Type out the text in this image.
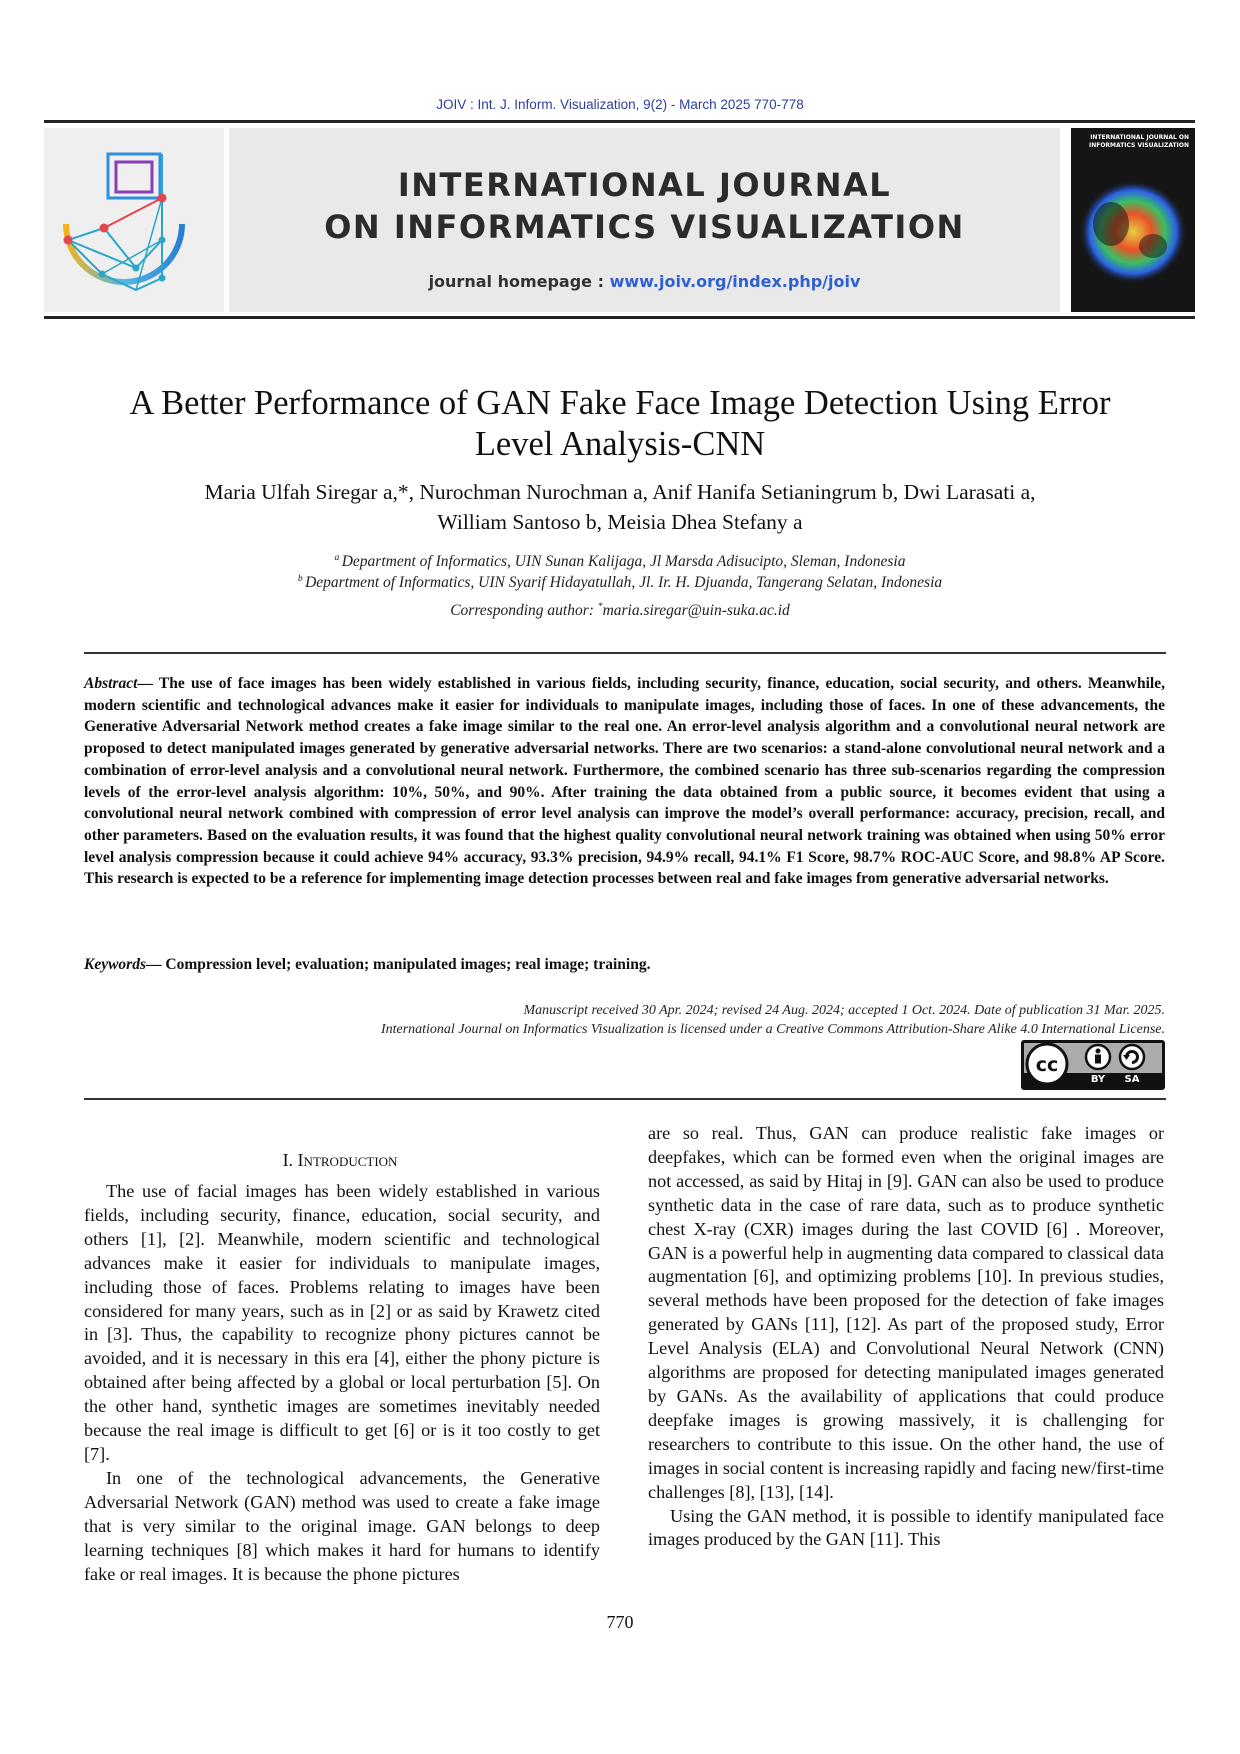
JOIV : Int. J. Inform. Visualization, 9(2) - March 2025 770-778
INTERNATIONAL JOURNAL
ON INFORMATICS VISUALIZATION
journal homepage : www.joiv.org/index.php/joiv
INTERNATIONAL JOURNAL ON INFORMATICS VISUALIZATION
A Better Performance of GAN Fake Face Image Detection Using Error
Level Analysis-CNN
Maria Ulfah Siregar a,*, Nurochman Nurochman a, Anif Hanifa Setianingrum b, Dwi Larasati a,
William Santoso b, Meisia Dhea Stefany a
$^a$ Department of Informatics, UIN Sunan Kalijaga, Jl Marsda Adisucipto, Sleman, Indonesia
$^b$ Department of Informatics, UIN Syarif Hidayatullah, Jl. Ir. H. Djuanda, Tangerang Selatan, Indonesia
Corresponding author: *maria.siregar@uin-suka.ac.id
Abstract— The use of face images has been widely established in various fields, including security, finance, education, social security, and others. Meanwhile, modern scientific and technological advances make it easier for individuals to manipulate images, including those of faces. In one of these advancements, the Generative Adversarial Network method creates a fake image similar to the real one. An error-level analysis algorithm and a convolutional neural network are proposed to detect manipulated images generated by generative adversarial networks. There are two scenarios: a stand-alone convolutional neural network and a combination of error-level analysis and a convolutional neural network. Furthermore, the combined scenario has three sub-scenarios regarding the compression levels of the error-level analysis algorithm: 10%, 50%, and 90%. After training the data obtained from a public source, it becomes evident that using a convolutional neural network combined with compression of error level analysis can improve the model’s overall performance: accuracy, precision, recall, and other parameters. Based on the evaluation results, it was found that the highest quality convolutional neural network training was obtained when using 50% error level analysis compression because it could achieve 94% accuracy, 93.3% precision, 94.9% recall, 94.1% F1 Score, 98.7% ROC-AUC Score, and 98.8% AP Score. This research is expected to be a reference for implementing image detection processes between real and fake images from generative adversarial networks.
Keywords— Compression level; evaluation; manipulated images; real image; training.
Manuscript received 30 Apr. 2024; revised 24 Aug. 2024; accepted 1 Oct. 2024. Date of publication 31 Mar. 2025.
International Journal on Informatics Visualization is licensed under a Creative Commons Attribution-Share Alike 4.0 International License.
cc
BY	SA
I. Introduction

The use of facial images has been widely established in various fields, including security, finance, education, social security, and others [1], [2]. Meanwhile, modern scientific and technological advances make it easier for individuals to manipulate images, including those of faces. Problems relating to images have been considered for many years, such as in [2] or as said by Krawetz cited in [3]. Thus, the capability to recognize phony pictures cannot be avoided, and it is necessary in this era [4], either the phony picture is obtained after being affected by a global or local perturbation [5]. On the other hand, synthetic images are sometimes inevitably needed because the real image is difficult to get [6] or is it too costly to get [7].

In one of the technological advancements, the Generative Adversarial Network (GAN) method was used to create a fake image that is very similar to the original image. GAN belongs to deep learning techniques [8] which makes it hard for humans to identify fake or real images. It is because the phone pictures

are so real. Thus, GAN can produce realistic fake images or deepfakes, which can be formed even when the original images are not accessed, as said by Hitaj in [9]. GAN can also be used to produce synthetic data in the case of rare data, such as to produce synthetic chest X-ray (CXR) images during the last COVID [6] . Moreover, GAN is a powerful help in augmenting data compared to classical data augmentation [6], and optimizing problems [10]. In previous studies, several methods have been proposed for the detection of fake images generated by GANs [11], [12]. As part of the proposed study, Error Level Analysis (ELA) and Convolutional Neural Network (CNN) algorithms are proposed for detecting manipulated images generated by GANs. As the availability of applications that could produce deepfake images is growing massively, it is challenging for researchers to contribute to this issue. On the other hand, the use of images in social content is increasing rapidly and facing new/first-time challenges [8], [13], [14].

Using the GAN method, it is possible to identify manipulated face images produced by the GAN [11]. This

770
